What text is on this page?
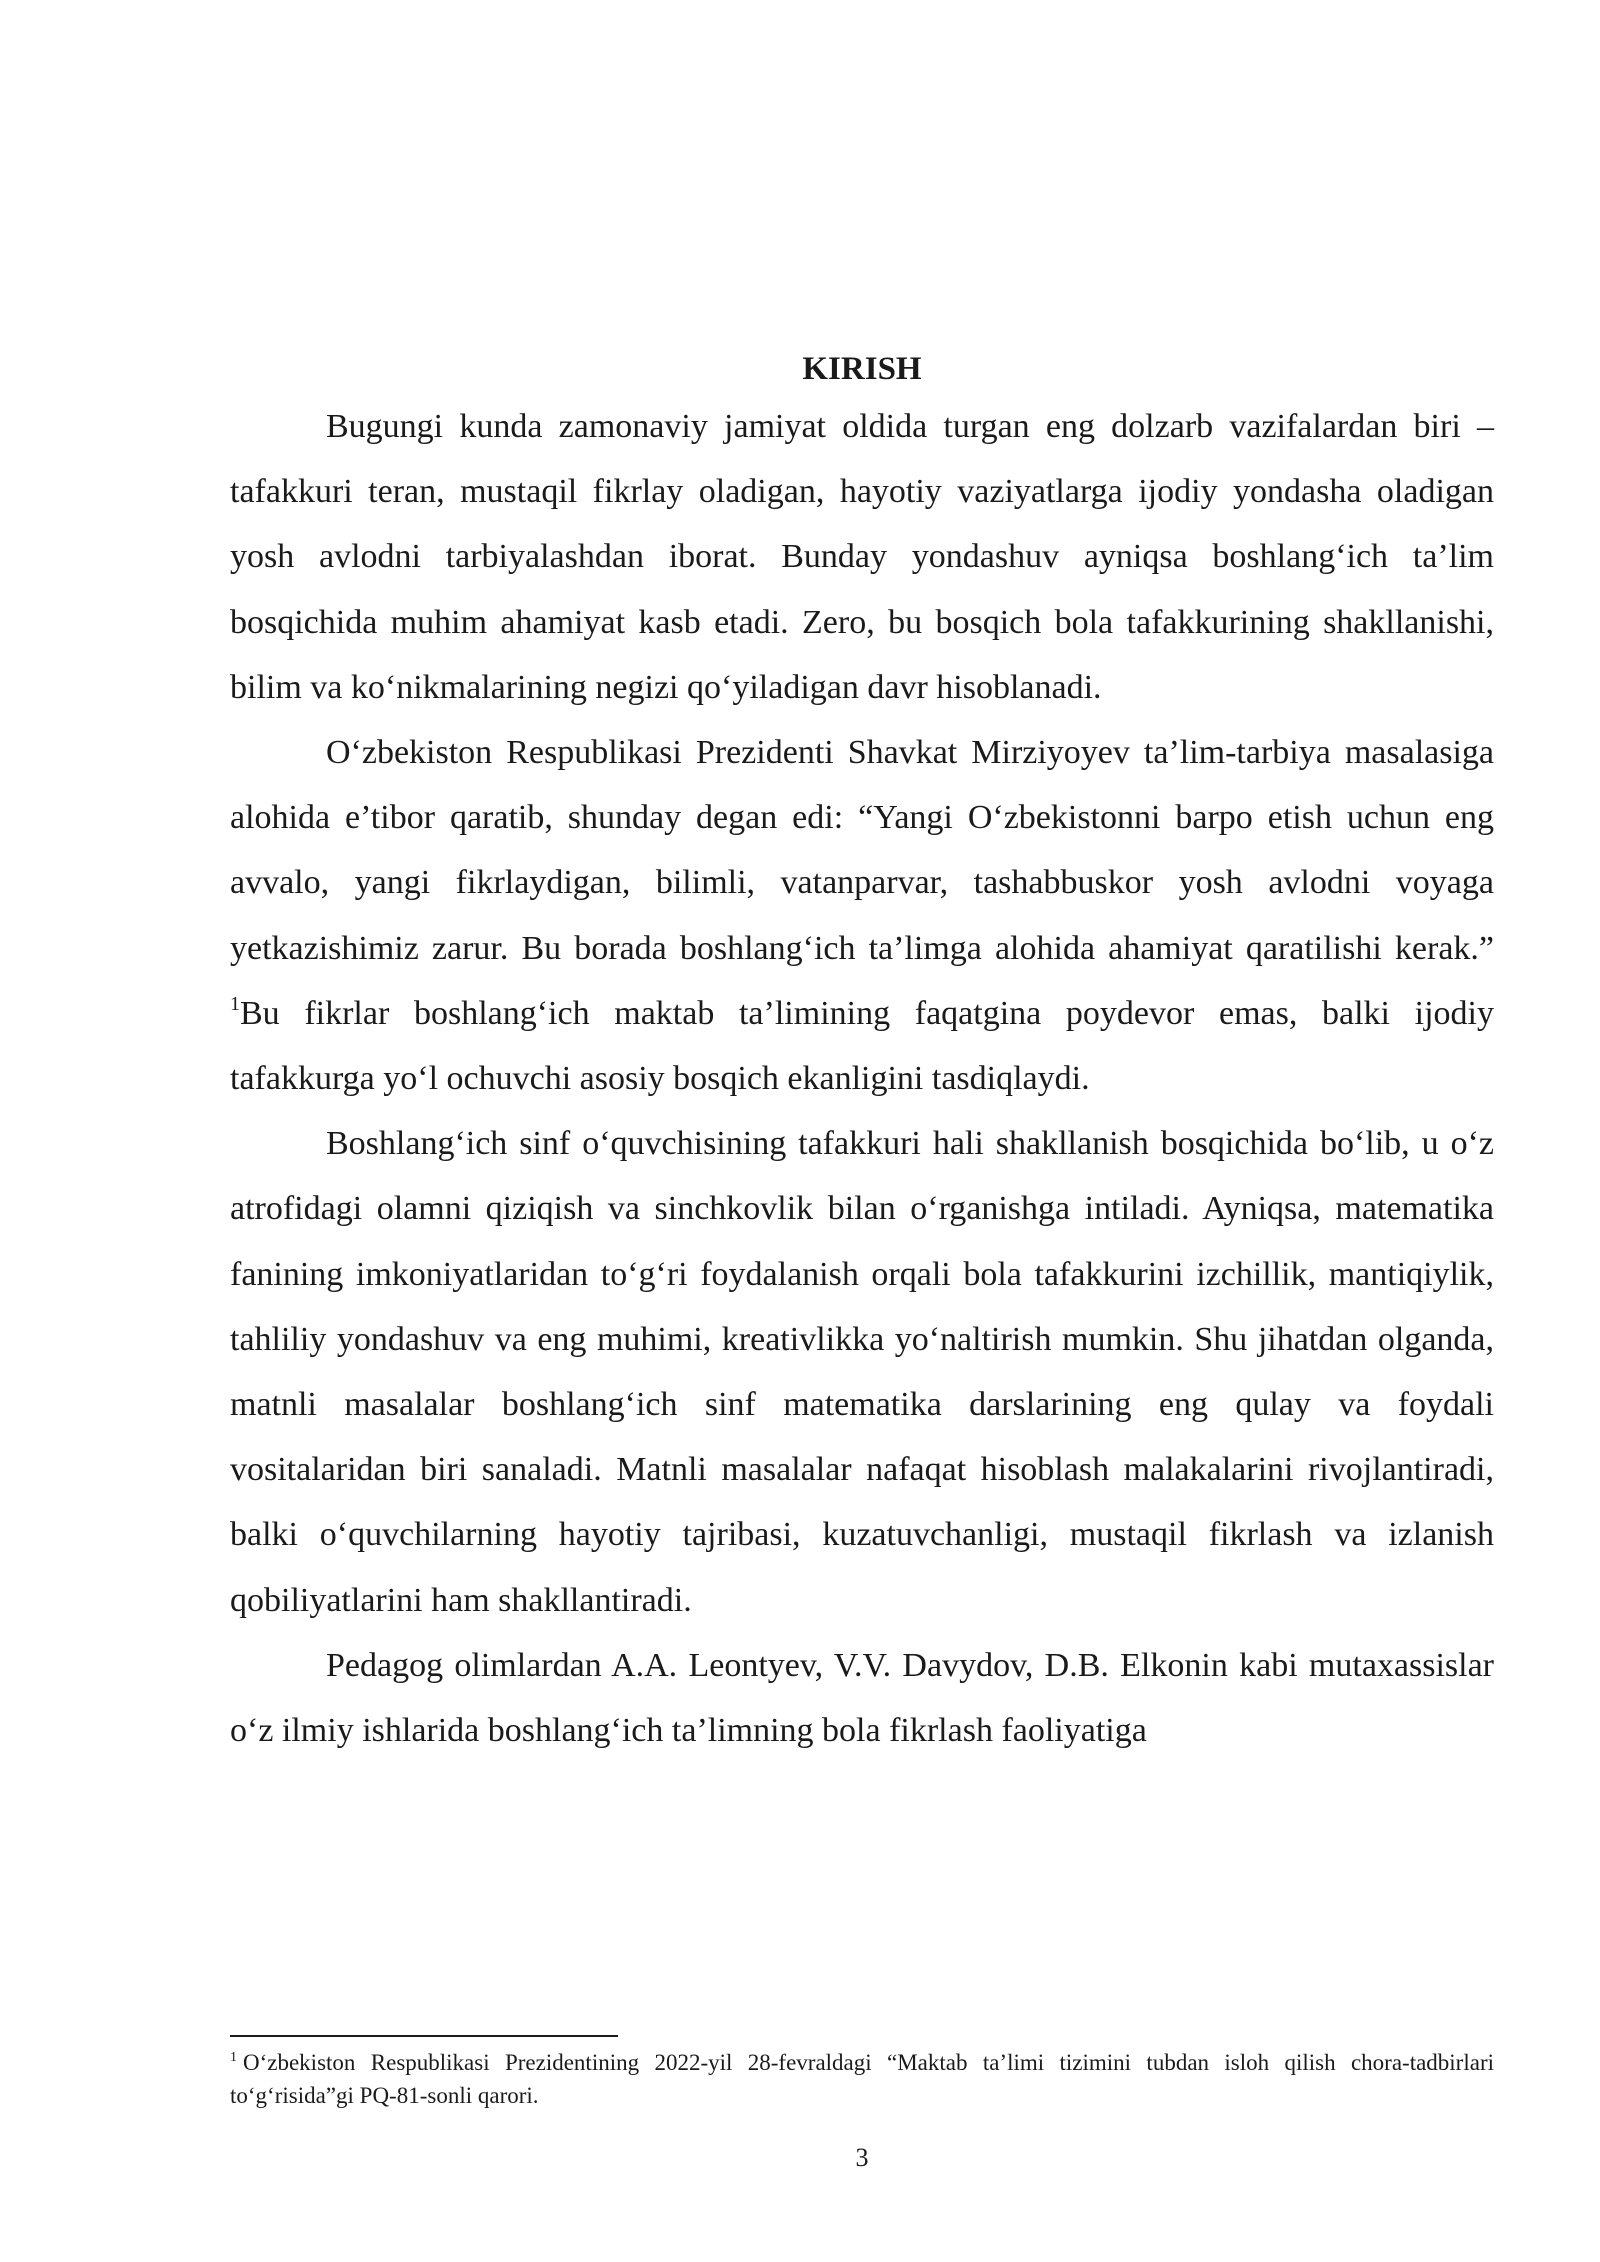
KIRISH

Bugungi kunda zamonaviy jamiyat oldida turgan eng dolzarb vazifalardan biri – tafakkuri teran, mustaqil fikrlay oladigan, hayotiy vaziyatlarga ijodiy yondasha oladigan yosh avlodni tarbiyalashdan iborat. Bunday yondashuv ayniqsa boshlang‘ich ta’lim bosqichida muhim ahamiyat kasb etadi. Zero, bu bosqich bola tafakkurining shakllanishi, bilim va ko‘nikmalarining negizi qo‘yiladigan davr hisoblanadi.

O‘zbekiston Respublikasi Prezidenti Shavkat Mirziyoyev ta’lim-tarbiya masalasiga alohida e’tibor qaratib, shunday degan edi: “Yangi O‘zbekistonni barpo etish uchun eng avvalo, yangi fikrlaydigan, bilimli, vatanparvar, tashabbuskor yosh avlodni voyaga yetkazishimiz zarur. Bu borada boshlang‘ich ta’limga alohida ahamiyat qaratilishi kerak.” $^1$Bu fikrlar boshlang‘ich maktab ta’limining faqatgina poydevor emas, balki ijodiy tafakkurga yo‘l ochuvchi asosiy bosqich ekanligini tasdiqlaydi.

Boshlang‘ich sinf o‘quvchisining tafakkuri hali shakllanish bosqichida bo‘lib, u o‘z atrofidagi olamni qiziqish va sinchkovlik bilan o‘rganishga intiladi. Ayniqsa, matematika fanining imkoniyatlaridan to‘g‘ri foydalanish orqali bola tafakkurini izchillik, mantiqiylik, tahliliy yondashuv va eng muhimi, kreativlikka yo‘naltirish mumkin. Shu jihatdan olganda, matnli masalalar boshlang‘ich sinf matematika darslarining eng qulay va foydali vositalaridan biri sanaladi. Matnli masalalar nafaqat hisoblash malakalarini rivojlantiradi, balki o‘quvchilarning hayotiy tajribasi, kuzatuvchanligi, mustaqil fikrlash va izlanish qobiliyatlarini ham shakllantiradi.

Pedagog olimlardan A.A. Leontyev, V.V. Davydov, D.B. Elkonin kabi mutaxassislar o‘z ilmiy ishlarida boshlang‘ich ta’limning bola fikrlash faoliyatiga

$^1$ O‘zbekiston Respublikasi Prezidentining 2022-yil 28-fevraldagi “Maktab ta’limi tizimini tubdan isloh qilish chora-tadbirlari to‘g‘risida”gi PQ-81-sonli qarori.

3
